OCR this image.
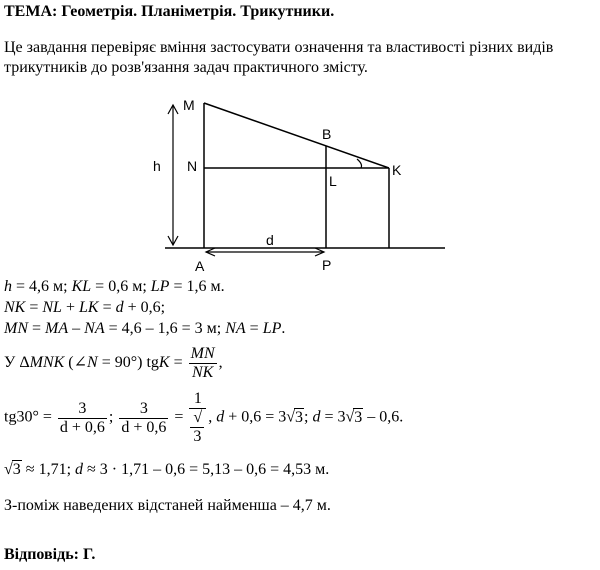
ТЕМА: Геометрія. Планіметрія. Трикутники.
Це завдання перевіряє вміння застосувати означення та властивості різних видів трикутників до розв'язання задач практичного змісту.
M
B
h N
L
K
d
A	P
h = 4,6 м; KL = 0,6 м; LP = 1,6 м.
NK = NL + LK = d + 0,6;
MN = MA – NA = 4,6 – 1,6 = 3 м; NA = LP.
У ΔMNK (∠N = 90°) tgK = $\frac{MN}{NK}$ ,
$tg30^\circ = \frac{3}{d + 0,6}$ ; $\frac{3}{d + 0,6} = 1$
√
3 , d + 0,6 = 3√3; d = 3√3 – 0,6.
√3 ≈ 1,71; d ≈ 3 · 1,71 – 0,6 = 5,13 – 0,6 = 4,53 м.
З-поміж наведених відстаней найменша – 4,7 м.
Відповідь: Г.
